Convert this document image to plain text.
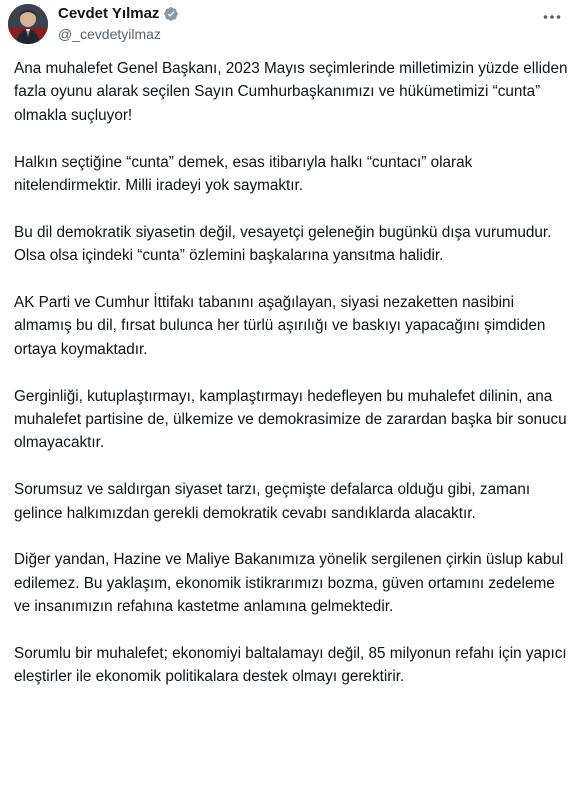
Cevdet Yılmaz
@_cevdetyilmaz

Ana muhalefet Genel Başkanı, 2023 Mayıs seçimlerinde milletimizin yüzde elliden fazla oyunu alarak seçilen Sayın Cumhurbaşkanımızı ve hükümetimizi “cunta” olmakla suçluyor!

Halkın seçtiğine “cunta” demek, esas itibarıyla halkı “cuntacı” olarak nitelendirmektir. Milli iradeyi yok saymaktır.

Bu dil demokratik siyasetin değil, vesayetçi geleneğin bugünkü dışa vurumudur. Olsa olsa içindeki “cunta” özlemini başkalarına yansıtma halidir.

AK Parti ve Cumhur İttifakı tabanını aşağılayan, siyasi nezaketten nasibini almamış bu dil, fırsat bulunca her türlü aşırılığı ve baskıyı yapacağını şimdiden ortaya koymaktadır.

Gerginliği, kutuplaştırmayı, kamplaştırmayı hedefleyen bu muhalefet dilinin, ana muhalefet partisine de, ülkemize ve demokrasimize de zarardan başka bir sonucu olmayacaktır.

Sorumsuz ve saldırgan siyaset tarzı, geçmişte defalarca olduğu gibi, zamanı gelince halkımızdan gerekli demokratik cevabı sandıklarda alacaktır.

Diğer yandan, Hazine ve Maliye Bakanımıza yönelik sergilenen çirkin üslup kabul edilemez. Bu yaklaşım, ekonomik istikrarımızı bozma, güven ortamını zedeleme ve insanımızın refahına kastetme anlamına gelmektedir.

Sorumlu bir muhalefet; ekonomiyi baltalamayı değil, 85 milyonun refahı için yapıcı eleştirler ile ekonomik politikalara destek olmayı gerektirir.
